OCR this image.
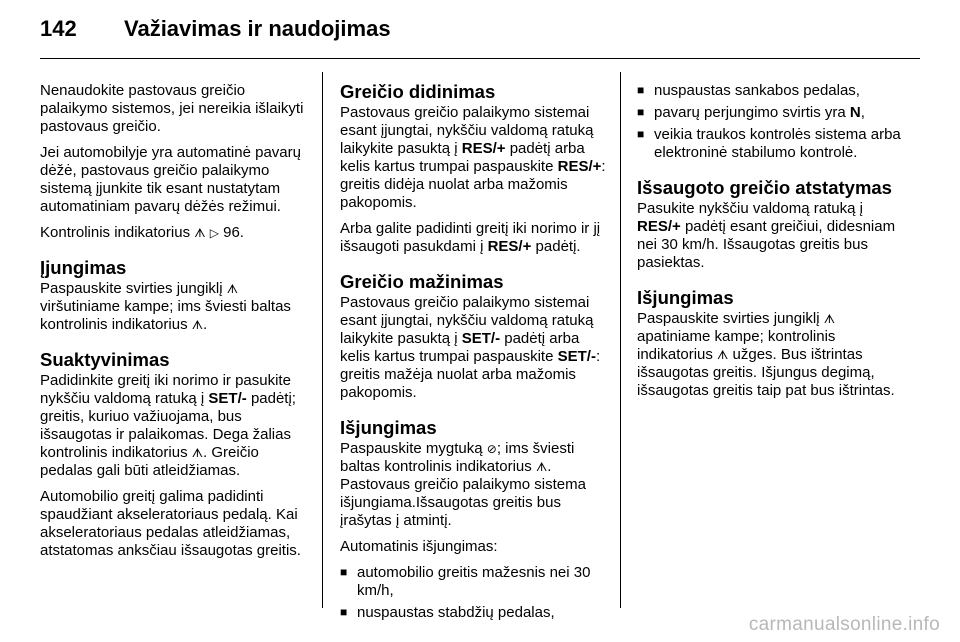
142	Važiavimas ir naudojimas

Nenaudokite pastovaus greičio palaikymo sistemos, jei nereikia išlaikyti pastovaus greičio.

Jei automobilyje yra automatinė pavarų dėžė, pastovaus greičio palaikymo sistemą įjunkite tik esant nustatytam automatiniam pavarų dėžės režimui.

Kontrolinis indikatorius ᗑ ▷ 96.

Įjungimas

Paspauskite svirties jungiklį ᗑ viršutiniame kampe; ims šviesti baltas kontrolinis indikatorius ᗑ.

Suaktyvinimas

Padidinkite greitį iki norimo ir pasukite nykščiu valdomą ratuką į SET/- padėtį; greitis, kuriuo važiuojama, bus išsaugotas ir palaikomas. Dega žalias kontrolinis indikatorius ᗑ. Greičio pedalas gali būti atleidžiamas.

Automobilio greitį galima padidinti spaudžiant akseleratoriaus pedalą. Kai akseleratoriaus pedalas atleidžiamas, atstatomas anksčiau išsaugotas greitis.

Greičio didinimas

Pastovaus greičio palaikymo sistemai esant įjungtai, nykščiu valdomą ratuką laikykite pasuktą į RES/+ padėtį arba kelis kartus trumpai paspauskite RES/+: greitis didėja nuolat arba mažomis pakopomis.

Arba galite padidinti greitį iki norimo ir jį išsaugoti pasukdami į RES/+ padėtį.

Greičio mažinimas

Pastovaus greičio palaikymo sistemai esant įjungtai, nykščiu valdomą ratuką laikykite pasuktą į SET/- padėtį arba kelis kartus trumpai paspauskite SET/-: greitis mažėja nuolat arba mažomis pakopomis.

Išjungimas

Paspauskite mygtuką ⊘; ims šviesti baltas kontrolinis indikatorius ᗑ.

Pastovaus greičio palaikymo sistema išjungiama.Išsaugotas greitis bus įrašytas į atmintį.

Automatinis išjungimas:

■ automobilio greitis mažesnis nei 30 km/h,
■ nuspaustas stabdžių pedalas,
■ nuspaustas sankabos pedalas,
■ pavarų perjungimo svirtis yra N,
■ veikia traukos kontrolės sistema arba elektroninė stabilumo kontrolė.
Išsaugoto greičio atstatymas

Pasukite nykščiu valdomą ratuką į RES/+ padėtį esant greičiui, didesniam nei 30 km/h. Išsaugotas greitis bus pasiektas.

Išjungimas

Paspauskite svirties jungiklį ᗑ apatiniame kampe; kontrolinis indikatorius ᗑ užges. Bus ištrintas išsaugotas greitis. Išjungus degimą, išsaugotas greitis taip pat bus ištrintas.

carmanualsonline.info
